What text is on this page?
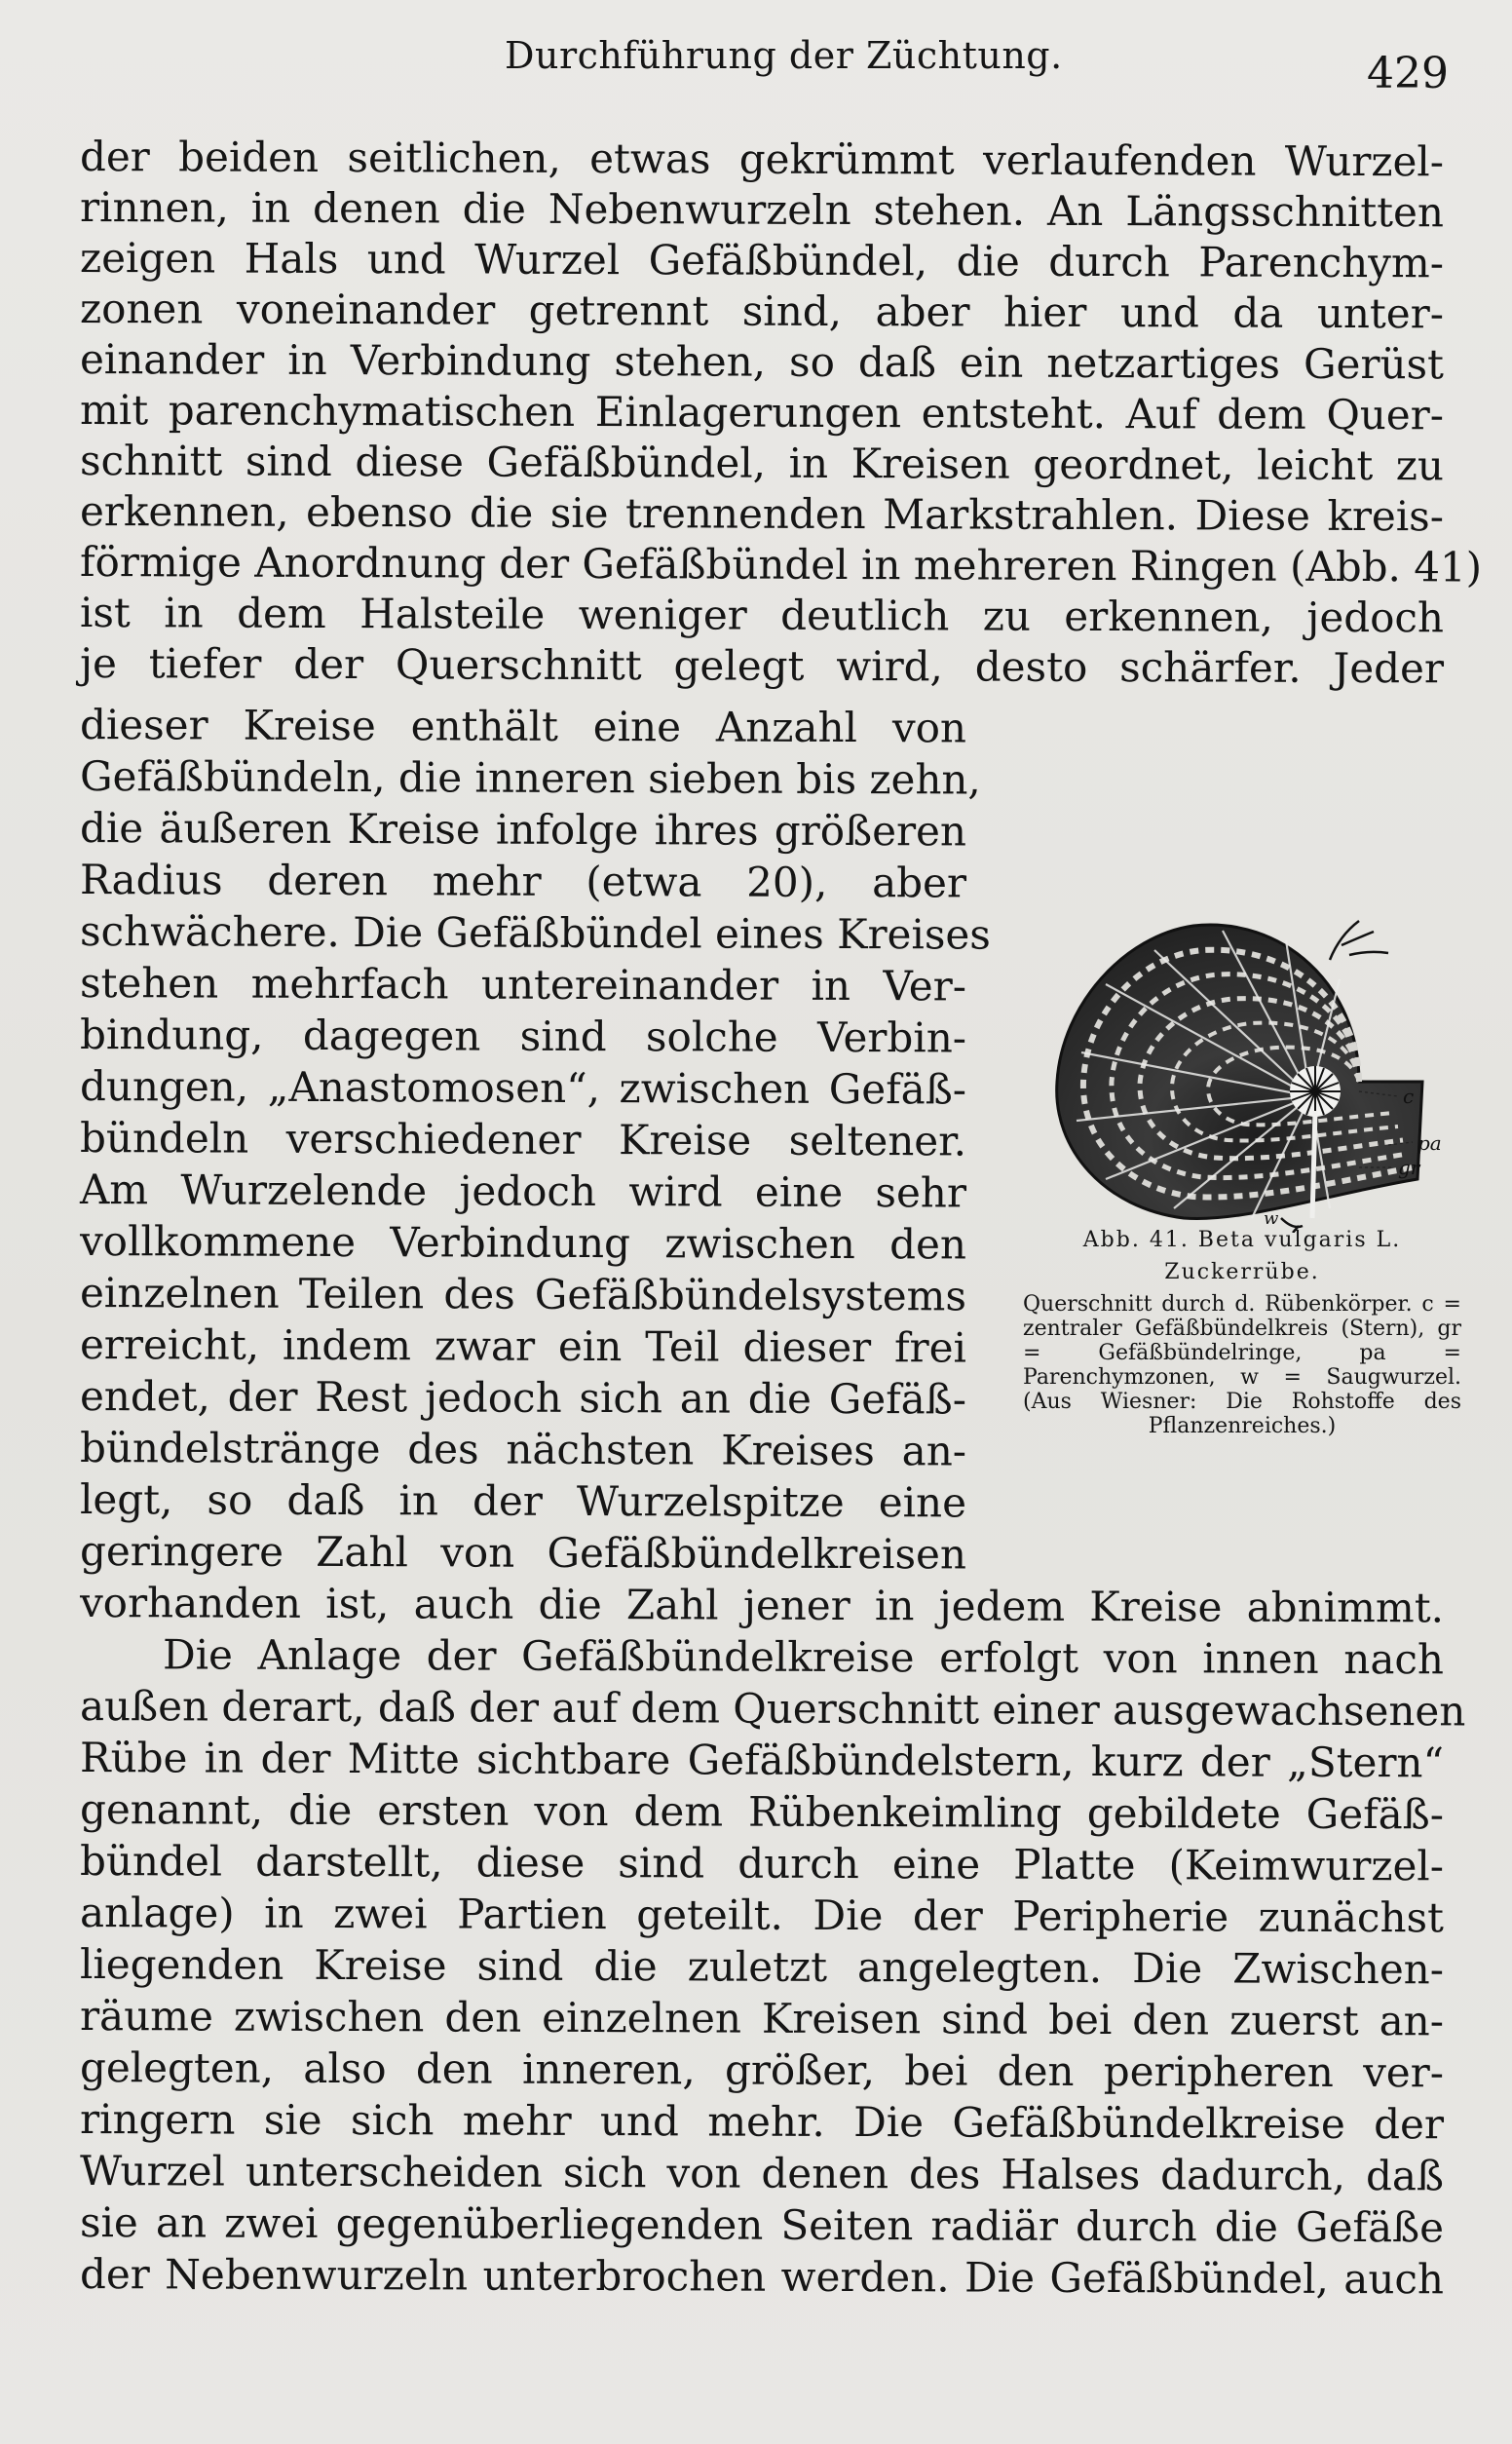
Durchführung der Züchtung.	429
der beiden seitlichen, etwas gekrümmt verlaufenden Wurzel-
rinnen, in denen die Nebenwurzeln stehen. An Längsschnitten
zeigen Hals und Wurzel Gefäßbündel, die durch Parenchym-
zonen voneinander getrennt sind, aber hier und da unter-
einander in Verbindung stehen, so daß ein netzartiges Gerüst
mit parenchymatischen Einlagerungen entsteht. Auf dem Quer-
schnitt sind diese Gefäßbündel, in Kreisen geordnet, leicht zu
erkennen, ebenso die sie trennenden Markstrahlen. Diese kreis-
förmige Anordnung der Gefäßbündel in mehreren Ringen (Abb. 41)
ist in dem Halsteile weniger deutlich zu erkennen, jedoch
je tiefer der Querschnitt gelegt wird, desto schärfer. Jeder
dieser Kreise enthält eine Anzahl von
Gefäßbündeln, die inneren sieben bis zehn,
die äußeren Kreise infolge ihres größeren
Radius deren mehr (etwa 20), aber
schwächere. Die Gefäßbündel eines Kreises
stehen mehrfach untereinander in Ver-
bindung, dagegen sind solche Verbin-
dungen, „Anastomosen“, zwischen Gefäß-
bündeln verschiedener Kreise seltener.
Am Wurzelende jedoch wird eine sehr
vollkommene Verbindung zwischen den
einzelnen Teilen des Gefäßbündelsystems
erreicht, indem zwar ein Teil dieser frei
endet, der Rest jedoch sich an die Gefäß-
bündelstränge des nächsten Kreises an-
legt, so daß in der Wurzelspitze eine
geringere Zahl von Gefäßbündelkreisen
vorhanden ist, auch die Zahl jener in jedem Kreise abnimmt.
Die Anlage der Gefäßbündelkreise erfolgt von innen nach
außen derart, daß der auf dem Querschnitt einer ausgewachsenen
Rübe in der Mitte sichtbare Gefäßbündelstern, kurz der „Stern“
genannt, die ersten von dem Rübenkeimling gebildete Gefäß-
bündel darstellt, diese sind durch eine Platte (Keimwurzel-
anlage) in zwei Partien geteilt. Die der Peripherie zunächst
liegenden Kreise sind die zuletzt angelegten. Die Zwischen-
räume zwischen den einzelnen Kreisen sind bei den zuerst an-
gelegten, also den inneren, größer, bei den peripheren ver-
ringern sie sich mehr und mehr. Die Gefäßbündelkreise der
Wurzel unterscheiden sich von denen des Halses dadurch, daß
sie an zwei gegenüberliegenden Seiten radiär durch die Gefäße
der Nebenwurzeln unterbrochen werden. Die Gefäßbündel, auch
c
pa
gr
w
Abb. 41. Beta vulgaris L.
Zuckerrübe.
Querschnitt durch d. Rübenkörper. c = zentraler Gefäßbündelkreis (Stern), gr = Gefäßbündelringe, pa = Parenchymzonen, w = Saugwurzel. (Aus Wiesner: Die Rohstoffe des Pflanzenreiches.)
